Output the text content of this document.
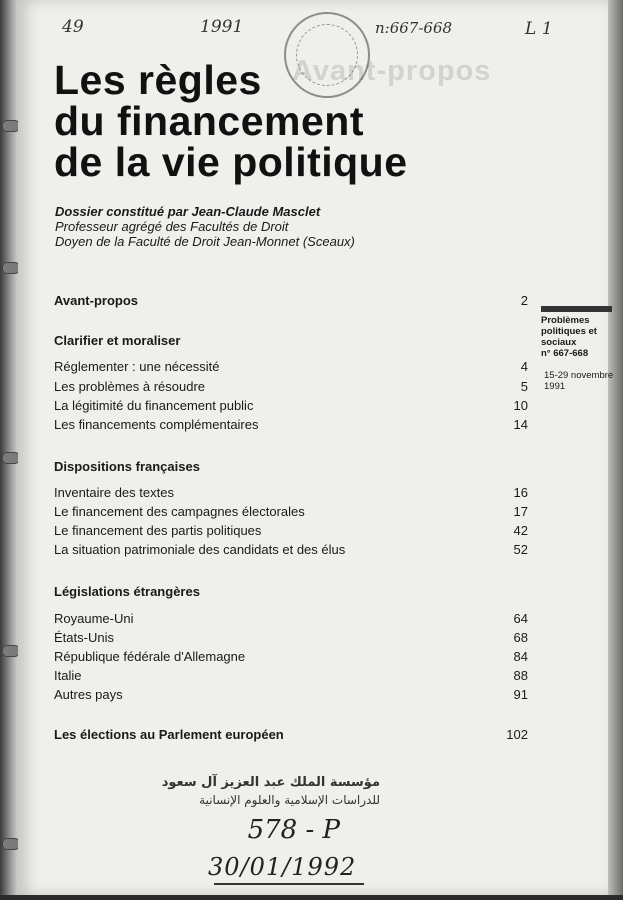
Avant-propos
49	1991	n:667-668	L 1
Les règles
du financement
de la vie politique
Dossier constitué par Jean-Claude Masclet
Professeur agrégé des Facultés de Droit
Doyen de la Faculté de Droit Jean-Monnet (Sceaux)
Avant-propos	2
Clarifier et moraliser
Réglementer : une nécessité	4
Les problèmes à résoudre	5
La légitimité du financement public	10
Les financements complémentaires	14
Dispositions françaises
Inventaire des textes	16
Le financement des campagnes électorales	17
Le financement des partis politiques	42
La situation patrimoniale des candidats et des élus	52
Législations étrangères
Royaume-Uni	64
États-Unis	68
République fédérale d'Allemagne	84
Italie	88
Autres pays	91
Les élections au Parlement européen	102
Problèmes
politiques et
sociaux
n° 667-668
15-29 novembre
1991
مؤسسة الملك عبد العزيز آل سعود
للدراسات الإسلامية والعلوم الإنسانية
578 - P
30/01/1992
